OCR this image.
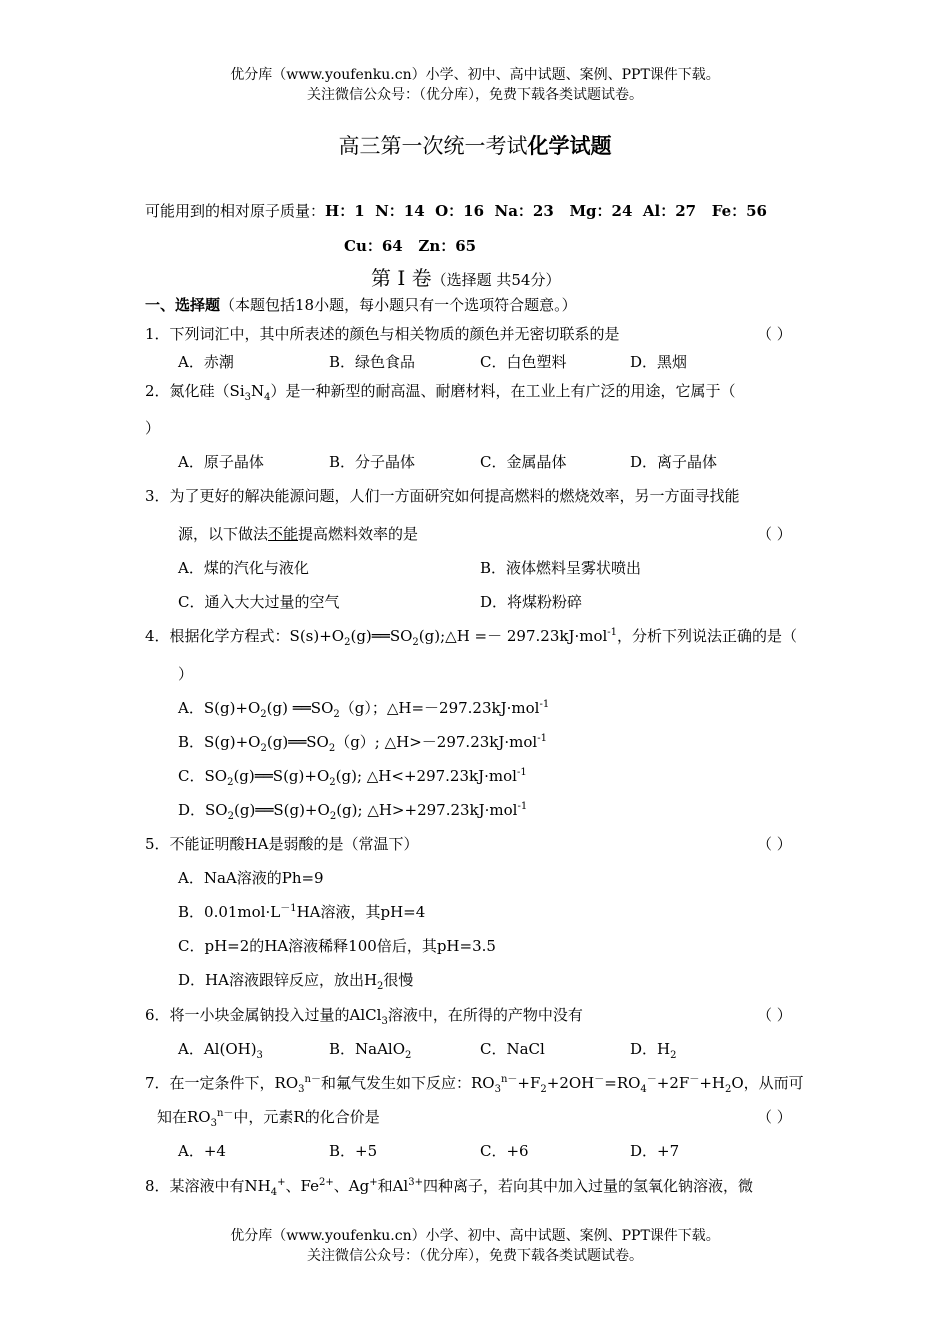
优分库（www.youfenku.cn）小学、初中、高中试题、案例、PPT课件下载。
关注微信公众号：（优分库），免费下载各类试题试卷。
高三第一次统一考试化学试题
可能用到的相对原子质量：H：1  N：14  O：16  Na：23   Mg：24  Al：27   Fe：56
Cu：64   Zn：65
第 Ⅰ 卷（选择题 共54分）
一、选择题（本题包括18小题，每小题只有一个选项符合题意。）
1．下列词汇中，其中所表述的颜色与相关物质的颜色并无密切联系的是	（ ）
A．赤潮	B．绿色食品	C．白色塑料	D．黑烟
2．氮化硅$(Si_3N_4)$是一种新型的耐高温、耐磨材料，在工业上有广泛的用途，它属于（
）
A．原子晶体	B．分子晶体	C．金属晶体	D．离子晶体
3．为了更好的解决能源问题，人们一方面研究如何提高燃料的燃烧效率，另一方面寻找能
源，以下做法不能提高燃料效率的是	（ ）
A．煤的汽化与液化	B．液体燃料呈雾状喷出
C．通入大大过量的空气	D．将煤粉粉碎
4．根据化学方程式：$S(s)+O_2(g)══SO_2(g);\triangle H =- 297.23kJ\cdot mol^{-1}$，分析下列说法正确的是（
）
A．$S(g)+O_2(g)$ $══SO_2(g)$；△H=－297.23kJ·mol$^{-1}$
B．$S(g)+O_2(g)══SO_2(g)$; △H>－297.23kJ·mol$^{-1}$
C．$SO_2(g)══S(g)+O_2(g)$; △H<+297.23kJ·mol$^{-1}$
D．$SO_2(g)══S(g)+O_2(g)$; △H>+297.23kJ·mol$^{-1}$
5．不能证明酸HA是弱酸的是（常温下）	（ ）
A．NaA溶液的Ph=9
B．$0.01mol\cdot L^{-1}HA$溶液，其pH=4
C．pH=2的HA溶液稀释100倍后，其pH=3.5
D．HA溶液跟锌反应，放出$H_2$很慢
6．将一小块金属钠投入过量的AlCl$_3$溶液中，在所得的产物中没有	（ ）
A．$Al(OH)_3$	B．NaAlO$_2$	C．NaCl	D．$H_2$
7．在一定条件下，$RO_3^{n-}$和氟气发生如下反应：$RO_3^{n-}+F_2+2OH^-=RO_4^-+2F^-+H_2O$，从而可
知在$RO_3^{n-}$中，元素R的化合价是	（ ）
A．+4	B．+5	C．+6	D．+7
8．某溶液中有$NH_4^+$、$Fe^{2+}$、Ag+和$Al^{3+}$四种离子，若向其中加入过量的氢氧化钠溶液，微
优分库（www.youfenku.cn）小学、初中、高中试题、案例、PPT课件下载。
关注微信公众号：（优分库），免费下载各类试题试卷。
